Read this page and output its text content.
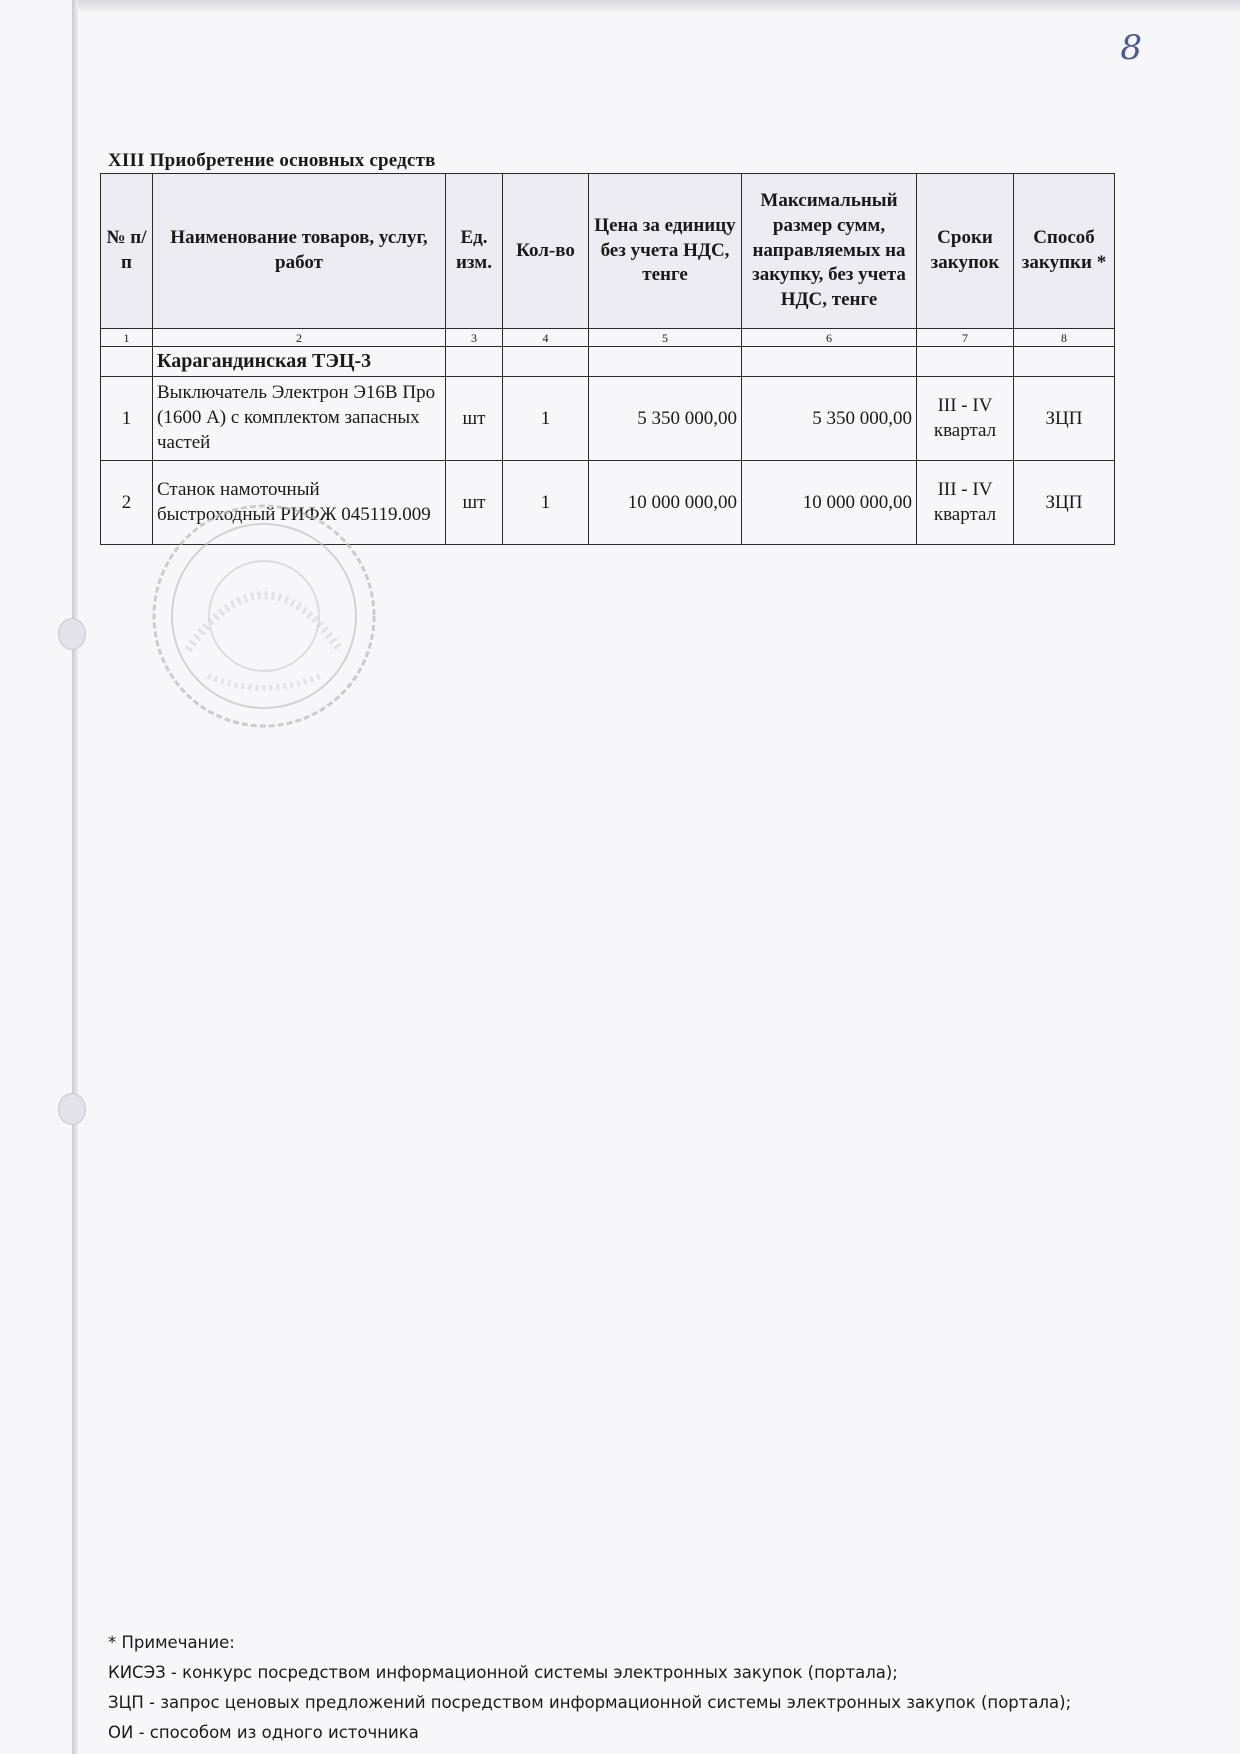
8
XIII Приобретение основных средств
№ п/п	Наименование товаров, услуг, работ	Ед. изм.	Кол-во	Цена за единицу без учета НДС, тенге	Максимальный размер сумм, направляемых на закупку, без учета НДС, тенге	Сроки закупок	Способ закупки *
1	2	3	4	5	6	7	8
	Карагандинская ТЭЦ-3						
1	Выключатель Электрон Э16В Про (1600 А) с комплектом запасных частей	шт	1	5 350 000,00	5 350 000,00	III - IV квартал	ЗЦП
2	Станок намоточный быстроходный РИФЖ 045119.009	шт	1	10 000 000,00	10 000 000,00	III - IV квартал	ЗЦП
* Примечание:
КИСЭЗ - конкурс посредством информационной системы электронных закупок (портала);
ЗЦП - запрос ценовых предложений посредством информационной системы электронных закупок (портала);
ОИ - способом из одного источника
